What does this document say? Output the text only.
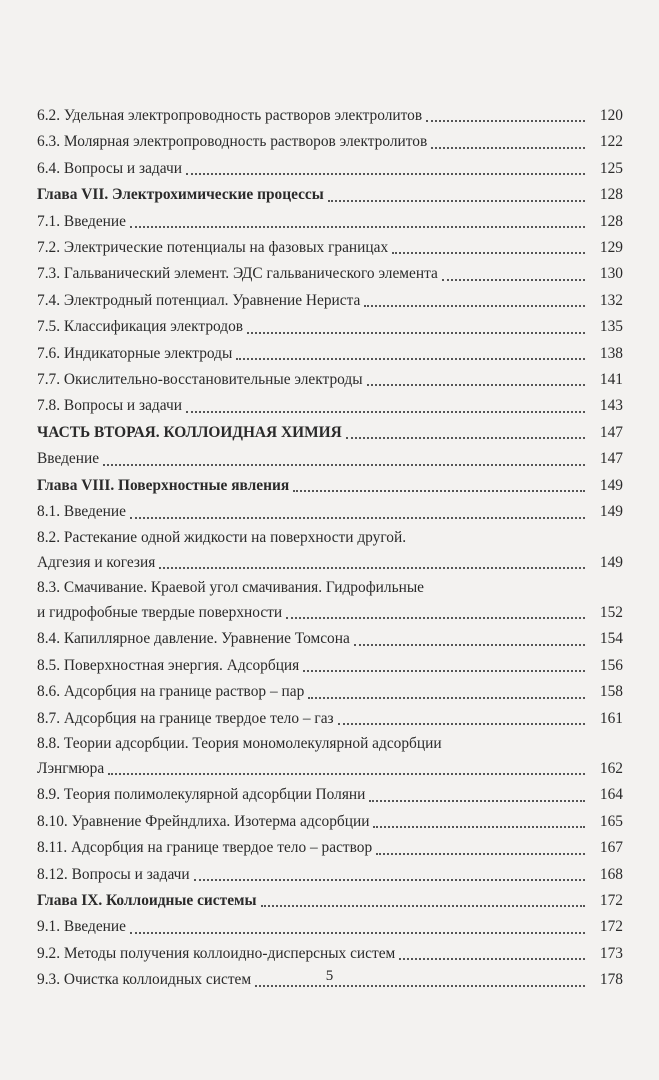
6.2. Удельная электропроводность растворов электролитов	120
6.3. Молярная электропроводность растворов электролитов	122
6.4. Вопросы и задачи	125
Глава VII. Электрохимические процессы	128
7.1. Введение	128
7.2. Электрические потенциалы на фазовых границах	129
7.3. Гальванический элемент. ЭДС гальванического элемента	130
7.4. Электродный потенциал. Уравнение Нериста	132
7.5. Классификация электродов	135
7.6. Индикаторные электроды	138
7.7. Окислительно-восстановительные электроды	141
7.8. Вопросы и задачи	143
ЧАСТЬ ВТОРАЯ. КОЛЛОИДНАЯ ХИМИЯ	147
Введение	147
Глава VIII. Поверхностные явления	149
8.1. Введение	149
8.2. Растекание одной жидкости на поверхности другой.
Адгезия и когезия	149
8.3. Смачивание. Краевой угол смачивания. Гидрофильные
и гидрофобные твердые поверхности	152
8.4. Капиллярное давление. Уравнение Томсона	154
8.5. Поверхностная энергия. Адсорбция	156
8.6. Адсорбция на границе раствор – пар	158
8.7. Адсорбция на границе твердое тело – газ	161
8.8. Теории адсорбции. Теория мономолекулярной адсорбции
Лэнгмюра	162
8.9. Теория полимолекулярной адсорбции Поляни	164
8.10. Уравнение Фрейндлиха. Изотерма адсорбции	165
8.11. Адсорбция на границе твердое тело – раствор	167
8.12. Вопросы и задачи	168
Глава IX. Коллоидные системы	172
9.1. Введение	172
9.2. Методы получения коллоидно-дисперсных систем	173
9.3. Очистка коллоидных систем	178
5
